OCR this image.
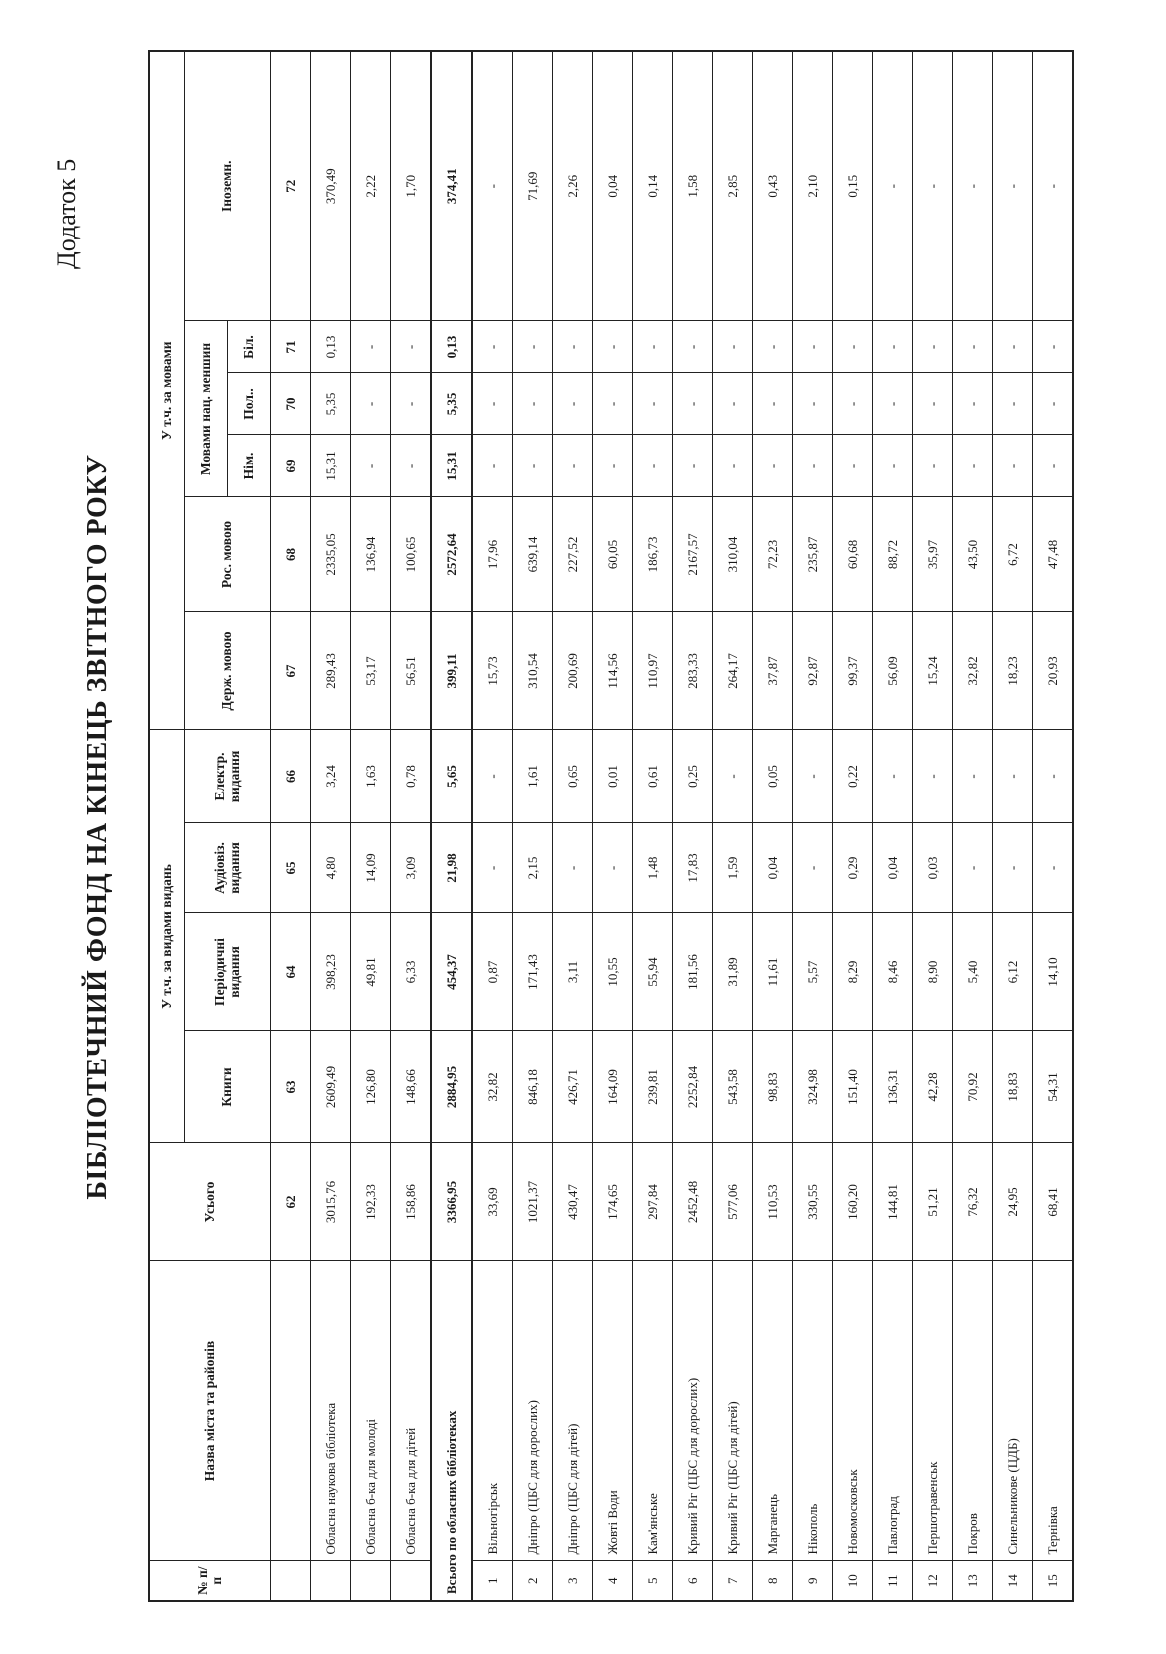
Додаток 5
БІБЛІОТЕЧНИЙ ФОНД НА КІНЕЦЬ ЗВІТНОГО РОКУ
№ п/п	Назва міста та районів	Усього	У т.ч. за видами видань				У т.ч. за мовами					
			Книги	Періодичні видання	Аудіовіз. видання	Електр. видання	Держ. мовою	Рос. мовою	Мовами нац. меншин			Іноземн.
									Нім.	Пол..	Біл.	
		62	63	64	65	66	67	68	69	70	71	72
	Обласна наукова бібліотека	3015,76	2609,49	398,23	4,80	3,24	289,43	2335,05	15,31	5,35	0,13	370,49
	Обласна б-ка для молоді	192,33	126,80	49,81	14,09	1,63	53,17	136,94	-	-	-	2,22
	Обласна б-ка для дітей	158,86	148,66	6,33	3,09	0,78	56,51	100,65	-	-	-	1,70
Всього по обласних бібліотеках		3366,95	2884,95	454,37	21,98	5,65	399,11	2572,64	15,31	5,35	0,13	374,41
1	Вільногірськ	33,69	32,82	0,87	-	-	15,73	17,96	-	-	-	-
2	Дніпро (ЦБС для дорослих)	1021,37	846,18	171,43	2,15	1,61	310,54	639,14	-	-	-	71,69
3	Дніпро (ЦБС для дітей)	430,47	426,71	3,11	-	0,65	200,69	227,52	-	-	-	2,26
4	Жовті Води	174,65	164,09	10,55	-	0,01	114,56	60,05	-	-	-	0,04
5	Кам'янське	297,84	239,81	55,94	1,48	0,61	110,97	186,73	-	-	-	0,14
6	Кривий Ріг (ЦБС для дорослих)	2452,48	2252,84	181,56	17,83	0,25	283,33	2167,57	-	-	-	1,58
7	Кривий Ріг (ЦБС для дітей)	577,06	543,58	31,89	1,59	-	264,17	310,04	-	-	-	2,85
8	Марганець	110,53	98,83	11,61	0,04	0,05	37,87	72,23	-	-	-	0,43
9	Нікополь	330,55	324,98	5,57	-	-	92,87	235,87	-	-	-	2,10
10	Новомосковськ	160,20	151,40	8,29	0,29	0,22	99,37	60,68	-	-	-	0,15
11	Павлоград	144,81	136,31	8,46	0,04	-	56,09	88,72	-	-	-	-
12	Першотравенськ	51,21	42,28	8,90	0,03	-	15,24	35,97	-	-	-	-
13	Покров	76,32	70,92	5,40	-	-	32,82	43,50	-	-	-	-
14	Синельникове (ЦДБ)	24,95	18,83	6,12	-	-	18,23	6,72	-	-	-	-
15	Тернівка	68,41	54,31	14,10	-	-	20,93	47,48	-	-	-	-
